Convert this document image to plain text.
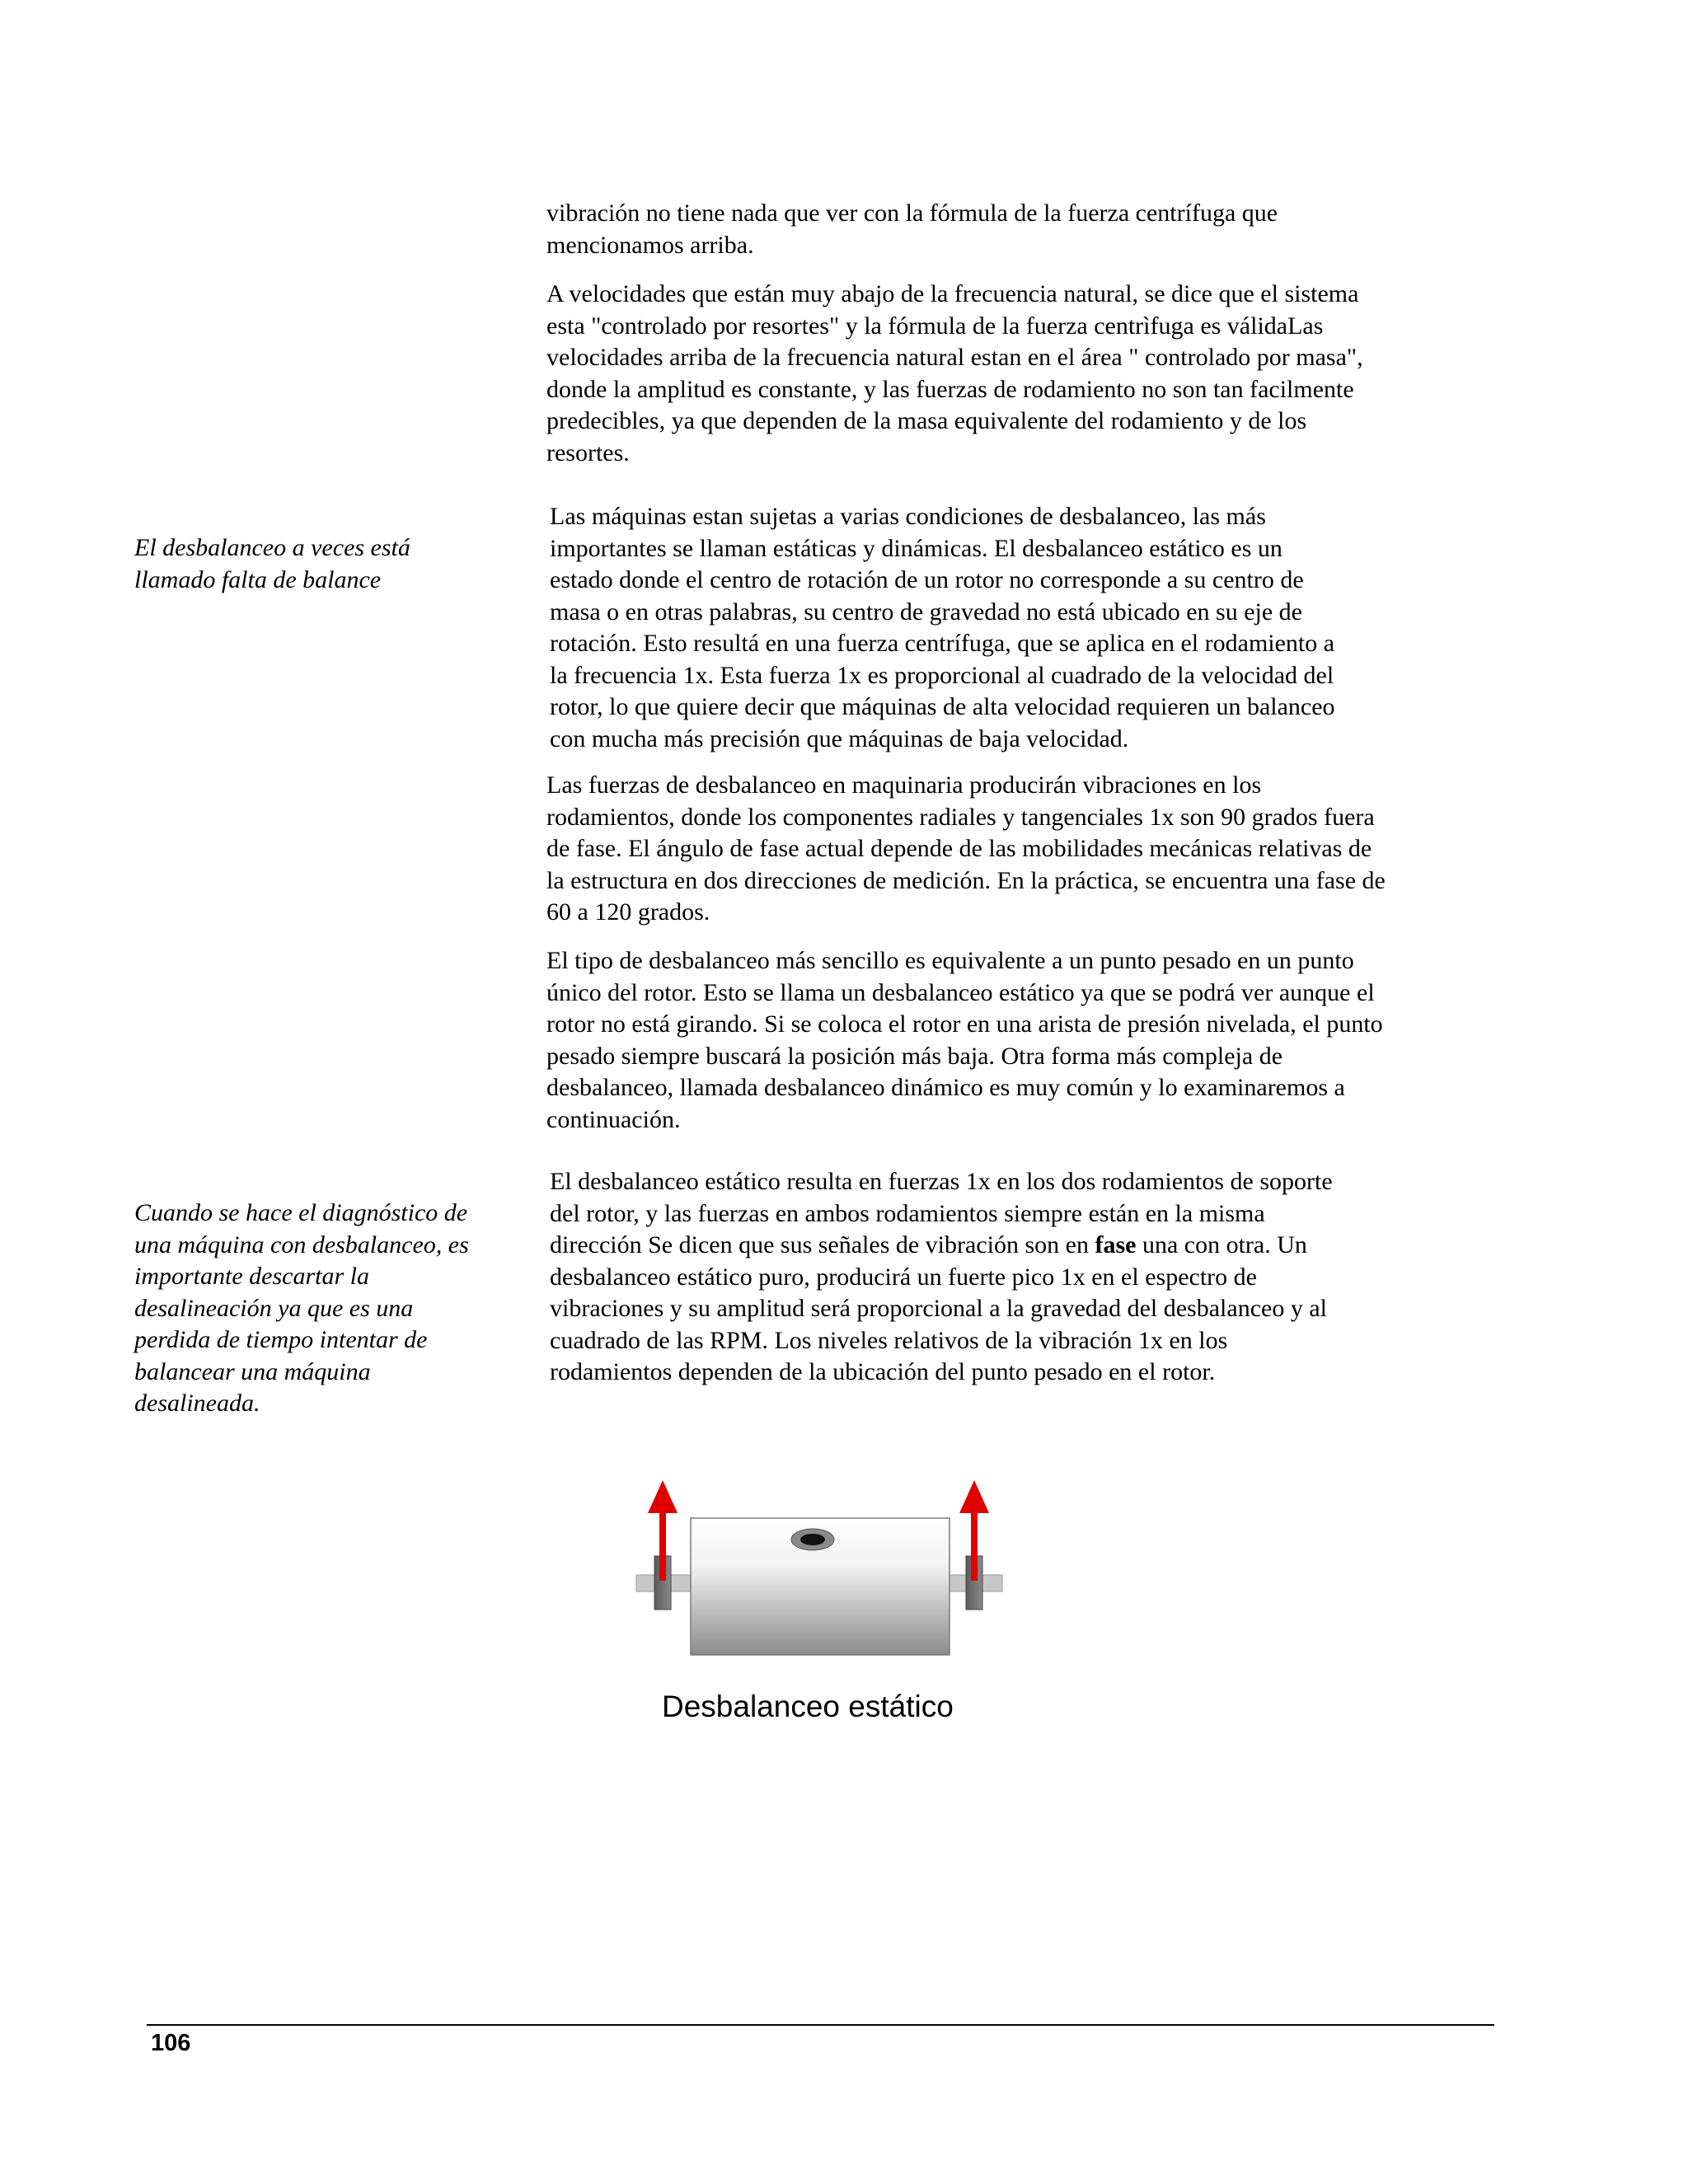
vibración no tiene nada que ver con la fórmula de la fuerza centrífuga que
mencionamos arriba.
A velocidades que están muy abajo de la frecuencia natural, se dice que el sistema
esta "controlado por resortes" y la fórmula de la fuerza centrìfuga es válidaLas
velocidades arriba de la frecuencia natural estan en el área " controlado por masa",
donde la amplitud es constante, y las fuerzas de rodamiento no son tan facilmente
predecibles, ya que dependen de la masa equivalente del rodamiento y de los
resortes.
Las máquinas estan sujetas a varias condiciones de desbalanceo, las más
importantes se llaman estáticas y dinámicas. El desbalanceo estático es un
estado donde el centro de rotación de un rotor no corresponde a su centro de
masa o en otras palabras, su centro de gravedad no está ubicado en su eje de
rotación. Esto resultá en una fuerza centrífuga, que se aplica en el rodamiento a
la frecuencia 1x. Esta fuerza 1x es proporcional al cuadrado de la velocidad del
rotor, lo que quiere decir que máquinas de alta velocidad requieren un balanceo
con mucha más precisión que máquinas de baja velocidad.
Las fuerzas de desbalanceo en maquinaria producirán vibraciones en los
rodamientos, donde los componentes radiales y tangenciales 1x son 90 grados fuera
de fase. El ángulo de fase actual depende de las mobilidades mecánicas relativas de
la estructura en dos direcciones de medición. En la práctica, se encuentra una fase de
60 a 120 grados.
El tipo de desbalanceo más sencillo es equivalente a un punto pesado en un punto
único del rotor. Esto se llama un desbalanceo estático ya que se podrá ver aunque el
rotor no está girando. Si se coloca el rotor en una arista de presión nivelada, el punto
pesado siempre buscará la posición más baja. Otra forma más compleja de
desbalanceo, llamada desbalanceo dinámico es muy común y lo examinaremos a
continuación.
El desbalanceo estático resulta en fuerzas 1x en los dos rodamientos de soporte
del rotor, y las fuerzas en ambos rodamientos siempre están en la misma
dirección Se dicen que sus señales de vibración son en fase una con otra. Un
desbalanceo estático puro, producirá un fuerte pico 1x en el espectro de
vibraciones y su amplitud será proporcional a la gravedad del desbalanceo y al
cuadrado de las RPM. Los niveles relativos de la vibración 1x en los
rodamientos dependen de la ubicación del punto pesado en el rotor.
El desbalanceo a veces está
llamado falta de balance
Cuando se hace el diagnóstico de
una máquina con desbalanceo, es
importante descartar la
desalineación ya que es una
perdida de tiempo intentar de
balancear una máquina
desalineada.
Desbalanceo estático
106
